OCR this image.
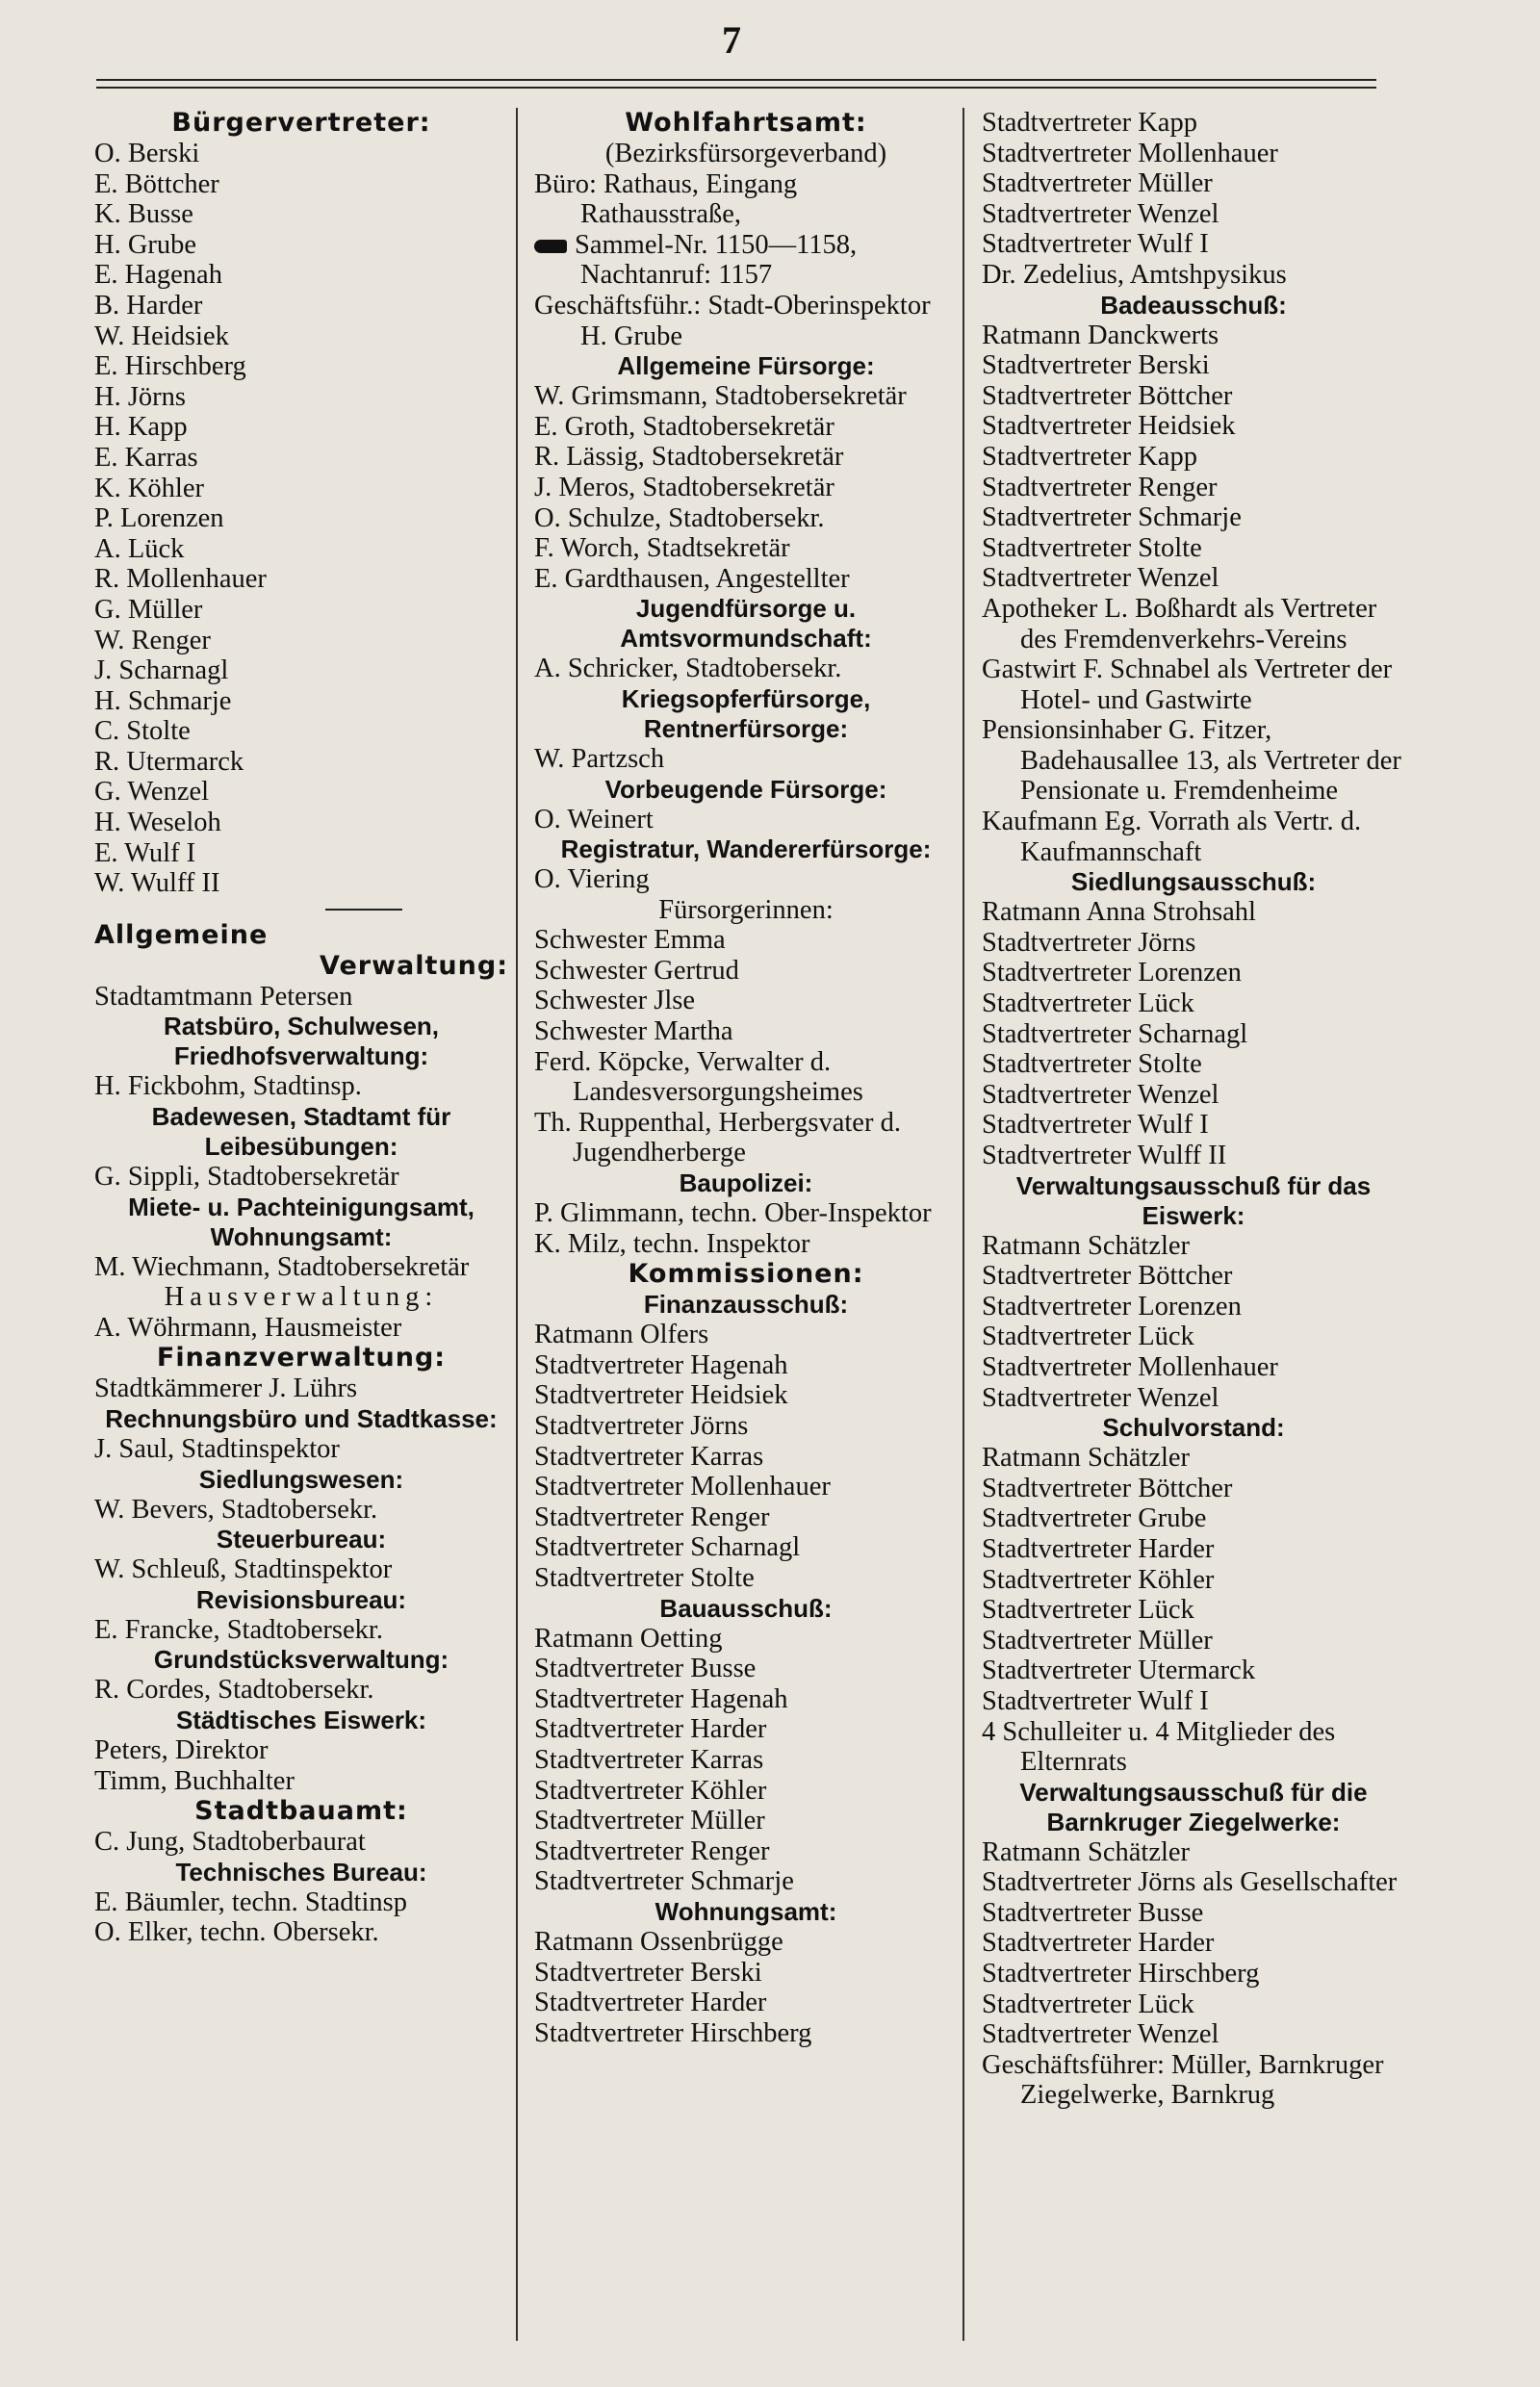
7
Bürgervertreter:
O. Berski
E. Böttcher
K. Busse
H. Grube
E. Hagenah
B. Harder
W. Heidsiek
E. Hirschberg
H. Jörns
H. Kapp
E. Karras
K. Köhler
P. Lorenzen
A. Lück
R. Mollenhauer
G. Müller
W. Renger
J. Scharnagl
H. Schmarje
C. Stolte
R. Utermarck
G. Wenzel
H. Weseloh
E. Wulf I
W. Wulff II
Allgemeine
Verwaltung:
Stadtamtmann Petersen
Ratsbüro, Schulwesen, Friedhofsverwaltung:
H. Fickbohm, Stadtinsp.
Badewesen, Stadtamt für Leibesübungen:
G. Sippli, Stadtobersekretär
Miete- u. Pachteinigungsamt, Wohnungsamt:
M. Wiechmann, Stadtobersekretär
Hausverwaltung:
A. Wöhrmann, Hausmeister
Finanzverwaltung:
Stadtkämmerer J. Lührs
Rechnungsbüro und Stadtkasse:
J. Saul, Stadtinspektor
Siedlungswesen:
W. Bevers, Stadtobersekr.
Steuerbureau:
W. Schleuß, Stadtinspektor
Revisionsbureau:
E. Francke, Stadtobersekr.
Grundstücksverwaltung:
R. Cordes, Stadtobersekr.
Städtisches Eiswerk:
Peters, Direktor
Timm, Buchhalter
Stadtbauamt:
C. Jung, Stadtoberbaurat
Technisches Bureau:
E. Bäumler, techn. Stadtinsp
O. Elker, techn. Obersekr.
Wohlfahrtsamt:
(Bezirksfürsorgeverband)
Büro: Rathaus, Eingang Rathausstraße,
Sammel-Nr. 1150—1158, Nachtanruf: 1157
Geschäftsführ.: Stadt-Oberinspektor H. Grube
Allgemeine Fürsorge:
W. Grimsmann, Stadtobersekretär
E. Groth, Stadtobersekretär
R. Lässig, Stadtobersekretär
J. Meros, Stadtobersekretär
O. Schulze, Stadtobersekr.
F. Worch, Stadtsekretär
E. Gardthausen, Angestellter
Jugendfürsorge u. Amtsvormundschaft:
A. Schricker, Stadtobersekr.
Kriegsopferfürsorge, Rentnerfürsorge:
W. Partzsch
Vorbeugende Fürsorge:
O. Weinert
Registratur, Wandererfürsorge:
O. Viering
Fürsorgerinnen:
Schwester Emma
Schwester Gertrud
Schwester Jlse
Schwester Martha
Ferd. Köpcke, Verwalter d. Landesversorgungsheimes
Th. Ruppenthal, Herbergsvater d. Jugendherberge
Baupolizei:
P. Glimmann, techn. Ober-Inspektor
K. Milz, techn. Inspektor
Kommissionen:
Finanzausschuß:
Ratmann Olfers
Stadtvertreter Hagenah
Stadtvertreter Heidsiek
Stadtvertreter Jörns
Stadtvertreter Karras
Stadtvertreter Mollenhauer
Stadtvertreter Renger
Stadtvertreter Scharnagl
Stadtvertreter Stolte
Bauausschuß:
Ratmann Oetting
Stadtvertreter Busse
Stadtvertreter Hagenah
Stadtvertreter Harder
Stadtvertreter Karras
Stadtvertreter Köhler
Stadtvertreter Müller
Stadtvertreter Renger
Stadtvertreter Schmarje
Wohnungsamt:
Ratmann Ossenbrügge
Stadtvertreter Berski
Stadtvertreter Harder
Stadtvertreter Hirschberg
Stadtvertreter Kapp
Stadtvertreter Mollenhauer
Stadtvertreter Müller
Stadtvertreter Wenzel
Stadtvertreter Wulf I
Dr. Zedelius, Amtshpysikus
Badeausschuß:
Ratmann Danckwerts
Stadtvertreter Berski
Stadtvertreter Böttcher
Stadtvertreter Heidsiek
Stadtvertreter Kapp
Stadtvertreter Renger
Stadtvertreter Schmarje
Stadtvertreter Stolte
Stadtvertreter Wenzel
Apotheker L. Boßhardt als Vertreter des Fremdenverkehrs-Vereins
Gastwirt F. Schnabel als Vertreter der Hotel- und Gastwirte
Pensionsinhaber G. Fitzer, Badehausallee 13, als Vertreter der Pensionate u. Fremdenheime
Kaufmann Eg. Vorrath als Vertr. d. Kaufmannschaft
Siedlungsausschuß:
Ratmann Anna Strohsahl
Stadtvertreter Jörns
Stadtvertreter Lorenzen
Stadtvertreter Lück
Stadtvertreter Scharnagl
Stadtvertreter Stolte
Stadtvertreter Wenzel
Stadtvertreter Wulf I
Stadtvertreter Wulff II
Verwaltungsausschuß für das Eiswerk:
Ratmann Schätzler
Stadtvertreter Böttcher
Stadtvertreter Lorenzen
Stadtvertreter Lück
Stadtvertreter Mollenhauer
Stadtvertreter Wenzel
Schulvorstand:
Ratmann Schätzler
Stadtvertreter Böttcher
Stadtvertreter Grube
Stadtvertreter Harder
Stadtvertreter Köhler
Stadtvertreter Lück
Stadtvertreter Müller
Stadtvertreter Utermarck
Stadtvertreter Wulf I
4 Schulleiter u. 4 Mitglieder des Elternrats
Verwaltungsausschuß für die Barnkruger Ziegelwerke:
Ratmann Schätzler
Stadtvertreter Jörns als Gesellschafter
Stadtvertreter Busse
Stadtvertreter Harder
Stadtvertreter Hirschberg
Stadtvertreter Lück
Stadtvertreter Wenzel
Geschäftsführer: Müller, Barnkruger Ziegelwerke, Barnkrug
